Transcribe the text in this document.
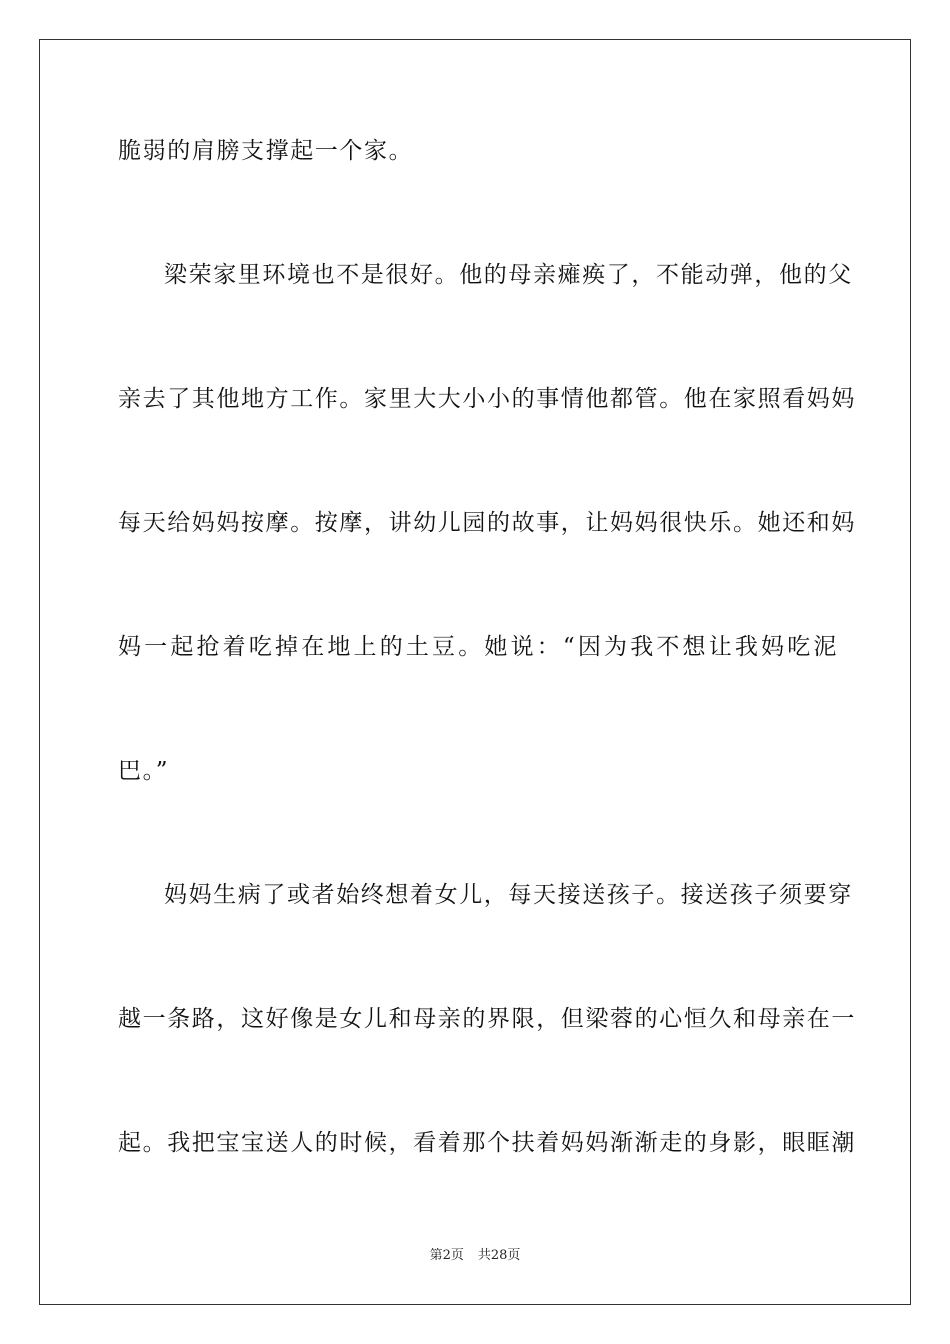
脆弱的肩膀支撑起一个家。
梁荣家里环境也不是很好。他的母亲瘫痪了，不能动弹，他的父
亲去了其他地方工作。家里大大小小的事情他都管。他在家照看妈妈
每天给妈妈按摩。按摩，讲幼儿园的故事，让妈妈很快乐。她还和妈
妈一起抢着吃掉在地上的土豆。她说：“因为我不想让我妈吃泥
巴。”
妈妈生病了或者始终想着女儿，每天接送孩子。接送孩子须要穿
越一条路，这好像是女儿和母亲的界限，但梁蓉的心恒久和母亲在一
起。我把宝宝送人的时候，看着那个扶着妈妈渐渐走的身影，眼眶潮
第2页 共28页
